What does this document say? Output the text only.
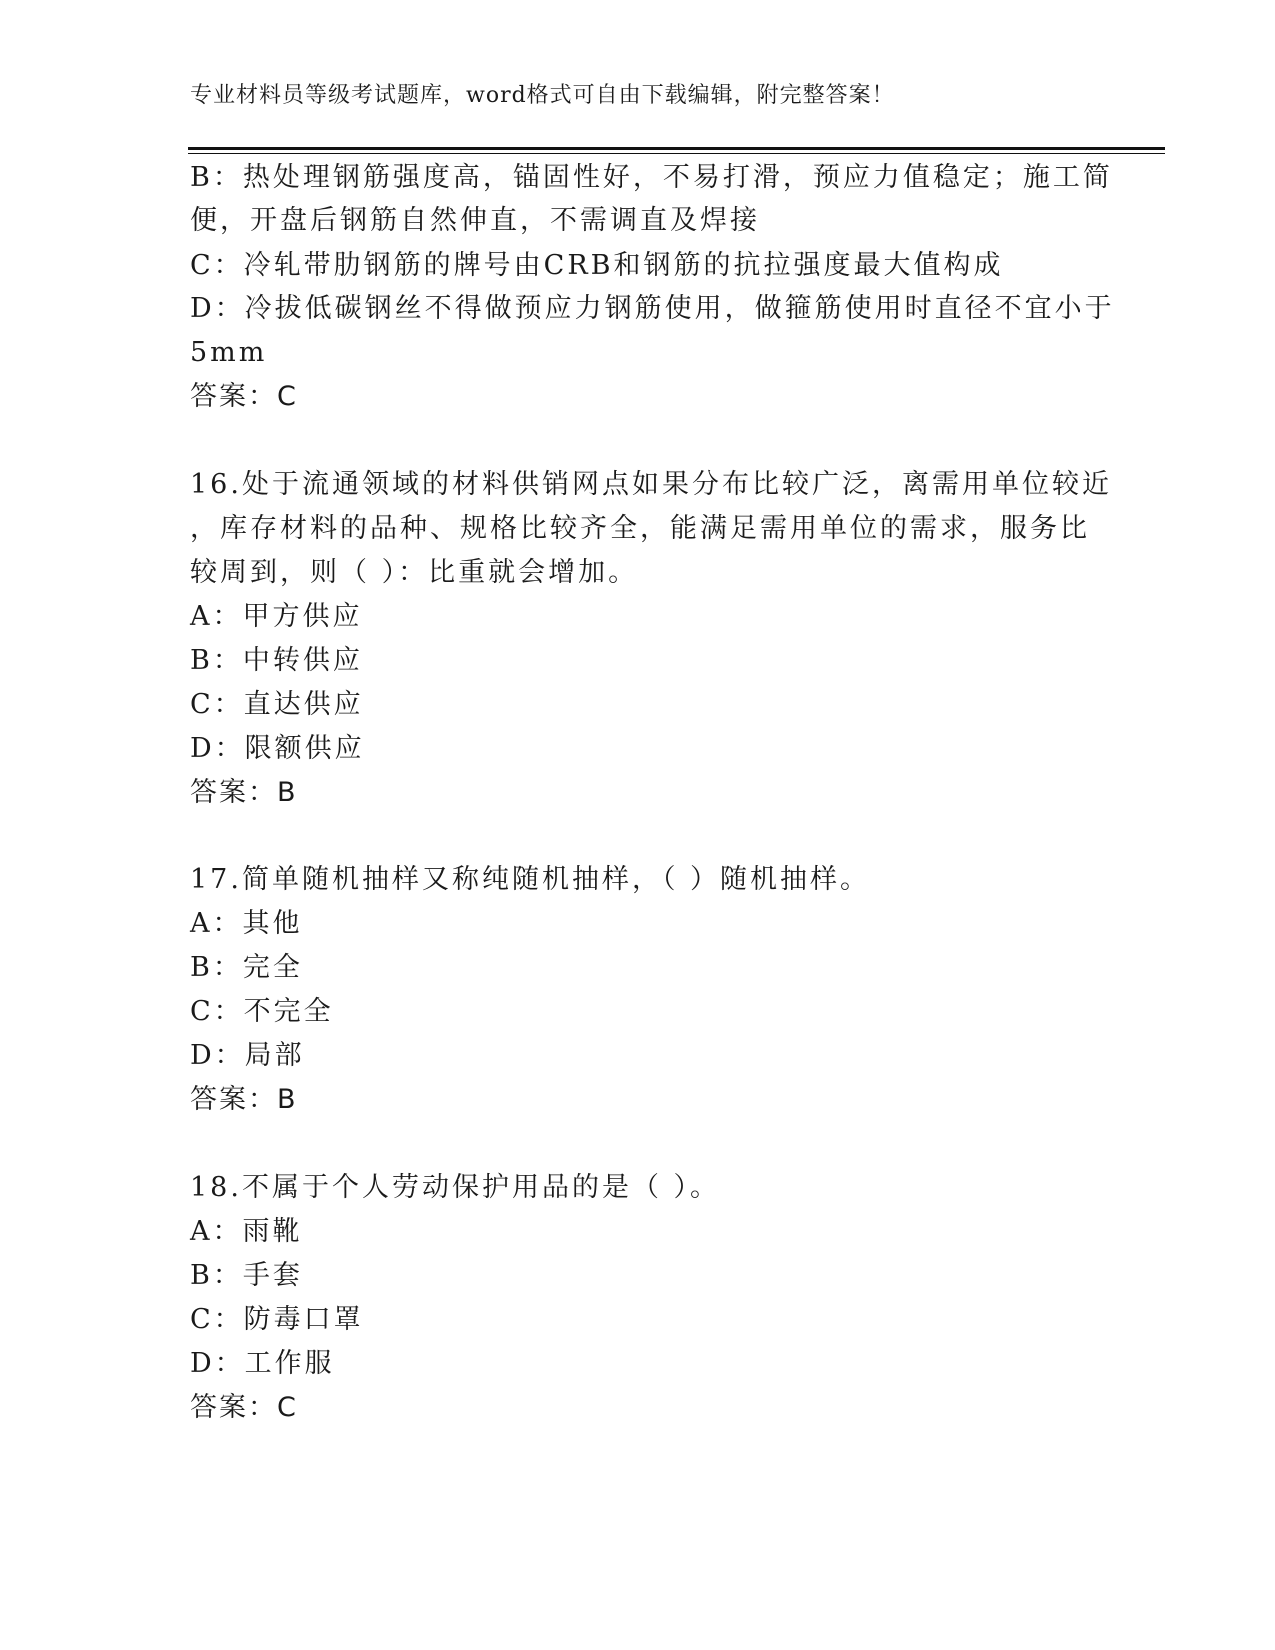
专业材料员等级考试题库，word格式可自由下载编辑，附完整答案！
B：热处理钢筋强度高，锚固性好，不易打滑，预应力值稳定；施工简
便，开盘后钢筋自然伸直，不需调直及焊接
C：冷轧带肋钢筋的牌号由CRB和钢筋的抗拉强度最大值构成
D：冷拔低碳钢丝不得做预应力钢筋使用，做箍筋使用时直径不宜小于
5mm
答案：C
16.处于流通领域的材料供销网点如果分布比较广泛，离需用单位较近
，库存材料的品种、规格比较齐全，能满足需用单位的需求，服务比
较周到，则（ ）：比重就会增加。
A：甲方供应
B：中转供应
C：直达供应
D：限额供应
答案：B
17.简单随机抽样又称纯随机抽样，（ ）随机抽样。
A：其他
B：完全
C：不完全
D：局部
答案：B
18.不属于个人劳动保护用品的是（ ）。
A：雨靴
B：手套
C：防毒口罩
D：工作服
答案：C
